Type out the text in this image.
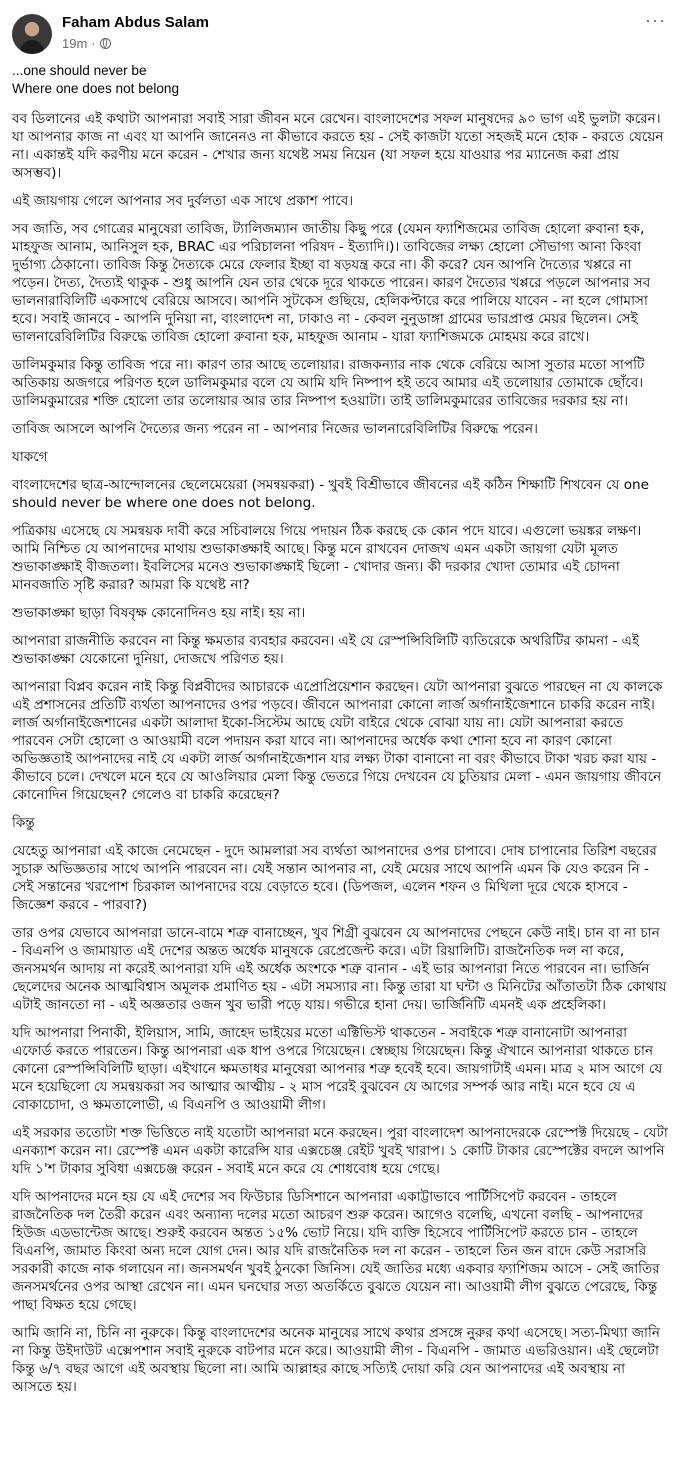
Faham Abdus Salam
19m ·
···

...one should never be

Where one does not belong

বব ডিলানের এই কথাটা আপনারা সবাই সারা জীবন মনে রেখেন। বাংলাদেশের সফল মানুষদের ৯০ ভাগ এই ভুলটা করেন। যা আপনার কাজ না এবং যা আপনি জানেনও না কীভাবে করতে হয় - সেই কাজটা যতো সহজই মনে হোক - করতে যেয়েন না। একান্তই যদি করণীয় মনে করেন - শেখার জন্য যথেষ্ট সময় নিয়েন (যা সফল হয়ে যাওয়ার পর ম্যানেজ করা প্রায় অসম্ভব)।

এই জায়গায় গেলে আপনার সব দুর্বলতা এক সাথে প্রকাশ পাবে।

সব জাতি, সব গোত্রের মানুষেরা তাবিজ, ট্যালিজম্যান জাতীয় কিছু পরে (যেমন ফ্যাশিজমের তাবিজ হোলো রুবানা হক, মাহফুজ আনাম, আনিসুল হক, BRAC এর পরিচালনা পরিষদ - ইত্যাদি।)। তাবিজের লক্ষ্য হোলো সৌভাগ্য আনা কিংবা দুর্ভাগ্য ঠেকানো। তাবিজ কিন্তু দৈত্যকে মেরে ফেলার ইচ্ছা বা ষড়যন্ত্র করে না। কী করে? যেন আপনি দৈত্যের খপ্পরে না পড়েন। দৈত্য, দৈত্যই থাকুক - শুধু আপনি যেন তার থেকে দূরে থাকতে পারেন। কারণ দৈত্যের খপ্পরে পড়লে আপনার সব ভালনারাবিলিটি একসাথে বেরিয়ে আসবে। আপনি সুটকেস গুছিয়ে, হেলিকপ্টারে করে পালিয়ে যাবেন - না হলে গোমাসা হবে। সবাই জানবে - আপনি দুনিয়া না, বাংলাদেশ না, ঢাকাও না - কেবল নুনুডাঙ্গা গ্রামের ভারপ্রাপ্ত মেয়র ছিলেন। সেই ভালনারেবিলিটির বিরুদ্ধে তাবিজ হোলো রুবানা হক, মাহফুজ আনাম - যারা ফ্যাশিজমকে মোহময় করে রাখে।

ডালিমকুমার কিন্তু তাবিজ পরে না। কারণ তার আছে তলোয়ার। রাজকন্যার নাক থেকে বেরিয়ে আসা সুতার মতো সাপটি অতিকায় অজগরে পরিণত হলে ডালিমকুমার বলে যে আমি যদি নিষ্পাপ হই তবে আমার এই তলোয়ার তোমাকে ছোঁবে। ডালিমকুমারের শক্তি হোলো তার তলোয়ার আর তার নিষ্পাপ হওয়াটা। তাই ডালিমকুমারের তাবিজের দরকার হয় না।

তাবিজ আসলে আপনি দৈত্যের জন্য পরেন না - আপনার নিজের ভালনারেবিলিটির বিরুদ্ধে পরেন।

যাকগে

বাংলাদেশের ছাত্র-আন্দোলনের ছেলেমেয়েরা (সমন্বয়করা) - খুবই বিশ্রীভাবে জীবনের এই কঠিন শিক্ষাটি শিখবেন যে one should never be where one does not belong.

পত্রিকায় এসেছে যে সমন্বয়ক দাবী করে সচিবালয়ে গিয়ে পদায়ন ঠিক করছে কে কোন পদে যাবে। এগুলো ভয়ঙ্কর লক্ষণ। আমি নিশ্চিত যে আপনাদের মাথায় শুভাকাঙ্ক্ষাই আছে। কিন্তু মনে রাখবেন দোজখ এমন একটা জায়গা যেটা মূলত শুভাকাঙ্ক্ষাই বীজতলা। ইবলিসের মনেও শুভাকাঙ্ক্ষাই ছিলো - খোদার জন্য। কী দরকার খোদা তোমার এই চোদনা মানবজাতি সৃষ্টি করার? আমরা কি যথেষ্ট না?

শুভাকাঙ্ক্ষা ছাড়া বিষবৃক্ষ কোনোদিনও হয় নাই। হয় না।

আপনারা রাজনীতি করবেন না কিন্তু ক্ষমতার ব্যবহার করবেন। এই যে রেস্পন্সিবিলিটি ব্যতিরেকে অথরিটির কামনা - এই শুভাকাঙ্ক্ষা যেকোনো দুনিয়া, দোজখে পরিণত হয়।

আপনারা বিপ্লব করেন নাই কিন্তু বিপ্লবীদের আচারকে এপ্রোপ্রিয়েশান করছেন। যেটা আপনারা বুঝতে পারছেন না যে কালকে এই প্রশাসনের প্রতিটি ব্যর্থতা আপনাদের ওপর পড়বে। জীবনে আপনারা কোনো লার্জ অর্গানাইজেশানে চাকরি করেন নাই। লার্জ অর্গানাইজেশানের একটা আলাদা ইকো-সিস্টেম আছে যেটা বাইরে থেকে বোঝা যায় না। যেটা আপনারা করতে পারবেন সেটা হোলো ও আওয়ামী বলে পদায়ন করা যাবে না। আপনাদের অর্ধেক কথা শোনা হবে না কারণ কোনো অভিজ্ঞতাই আপনাদের নাই যে একটা লার্জ অর্গানাইজেশান যার লক্ষ্য টাকা বানানো না বরং কীভাবে টাকা খরচ করা যায় - কীভাবে চলে। দেখলে মনে হবে যে আওলিয়ার মেলা কিন্তু ভেতরে গিয়ে দেখবেন যে চুতিয়ার মেলা - এমন জায়গায় জীবনে কোনোদিন গিয়েছেন? গেলেও বা চাকরি করেছেন?

কিন্তু

যেহেতু আপনারা এই কাজে নেমেছেন - দুদে আমলারা সব ব্যর্থতা আপনাদের ওপর চাপাবে। দোষ চাপানোর তিরিশ বছরের সুচারু অভিজ্ঞতার সাথে আপনি পারবেন না। যেই সন্তান আপনার না, যেই মেয়ের সাথে আপনি এমন কি যেও করেন নি - সেই সন্তানের খরপোশ চিরকাল আপনাদের বয়ে বেড়াতে হবে। (ডিপজল, এলেন শফন ও মিথিলা দূরে থেকে হাসবে - জিজ্ঞেশ করবে - পারবা?)

তার ওপর যেভাবে আপনারা ডানে-বামে শত্রু বানাচ্ছেন, খুব শিগ্রী বুঝবেন যে আপনাদের পেছনে কেউ নাই। চান বা না চান - বিএনপি ও জামায়াত এই দেশের অন্তত অর্ধেক মানুষকে রেপ্রেজেন্ট করে। এটা রিয়ালিটি। রাজনৈতিক দল না করে, জনসমর্থন আদায় না করেই আপনারা যদি এই অর্ধেক অংশকে শত্রু বানান - এই ভার আপনারা নিতে পারবেন না। ভার্জিন ছেলেদের অনেক আত্মবিশ্বাস অমূলক প্রমাণিত হয় - এটা সমস্যার না। কিন্তু তারা যা ঘন্টা ও মিনিটের আঁতাতটা ঠিক কোথায় এটাই জানতো না - এই অজ্ঞতার ওজন খুব ভারী পড়ে যায়। গভীরে হানা দেয়। ভার্জিনিটি এমনই এক প্রহেলিকা।

যদি আপনারা পিনাকী, ইলিয়াস, সামি, জাহেদ ভাইয়ের মতো এক্টিভিস্ট থাকতেন - সবাইকে শত্রু বানানোটা আপনারা এফোর্ড করতে পারতেন। কিন্তু আপনারা এক ধাপ ওপরে গিয়েছেন। স্বেচ্ছায় গিয়েছেন। কিন্তু ঐখানে আপনারা থাকতে চান কোনো রেস্পন্সিবিলিটি ছাড়া। এইখানে ক্ষমতাধর মানুষেরা আপনার শত্রু হবেই হবে। জায়গাটাই এমন। মাত্র ২ মাস আগে যে মনে হয়েছিলো যে সমন্বয়করা সব আত্মার আত্মীয় - ২ মাস পরেই বুঝবেন যে আগের সম্পর্ক আর নাই। মনে হবে যে এ বোকাচোদা, ও ক্ষমতালোভী, এ বিএনপি ও আওয়ামী লীগ।

এই সরকার ততোটা শক্ত ভিত্তিতে নাই যতোটা আপনারা মনে করছেন। পুরা বাংলাদেশ আপনাদেরকে রেস্পেক্ট দিয়েছে - যেটা এনক্যাশ করেন না। রেস্পেক্ট এমন একটা কারেন্সি যার এক্সচেঞ্জ রেইট খুবই খারাপ। ১ কোটি টাকার রেস্পেক্টের বদলে আপনি যদি ১'শ টাকার সুবিধা এক্সচেঞ্জ করেন - সবাই মনে করে যে শোধবোধ হয়ে গেছে।

যদি আপনাদের মনে হয় যে এই দেশের সব ফিউচার ডিসিশানে আপনারা একাট্টাভাবে পার্টিসিপেট করবেন - তাহলে রাজনৈতিক দল তৈরী করেন এবং অন্যান্য দলের মতো আচরণ শুরু করেন। আগেও বলেছি, এখনো বলছি - আপনাদের হিউজ এডভান্টেজ আছে। শুরুই করবেন অন্তত ১৫% ভোট নিয়ে। যদি ব্যক্তি হিসেবে পার্টিসিপেট করতে চান - তাহলে বিএনপি, জামাত কিংবা অন্য দলে যোগ দেন। আর যদি রাজনৈতিক দল না করেন - তাহলে তিন জন বাদে কেউ সরাসরি সরকারী কাজে নাক গলায়েন না। জনসমর্থন খুবই ঠুনকো জিনিস। যেই জাতির মধ্যে একবার ফ্যাশিজম আসে - সেই জাতির জনসমর্থনের ওপর আস্থা রেখেন না। এমন ঘনঘোর সত্য অতর্কিতে বুঝতে যেয়েন না। আওয়ামী লীগ বুঝতে পেরেছে, কিন্তু পাছা বিক্ষত হয়ে গেছে।

আমি জানি না, চিনি না নুরুকে। কিন্তু বাংলাদেশের অনেক মানুষের সাথে কথার প্রসঙ্গে নুরুর কথা এসেছে। সত্য-মিথ্যা জানি না কিন্তু উইদাউট এক্সেপশান সবাই নুরুকে বাটপার মনে করে। আওয়ামী লীগ - বিএনপি - জামাত এভরিওয়ান। এই ছেলেটা কিন্তু ৬/৭ বছর আগে এই অবস্থায় ছিলো না। আমি আল্লাহর কাছে সত্যিই দোয়া করি যেন আপনাদের এই অবস্থায় না আসতে হয়।
